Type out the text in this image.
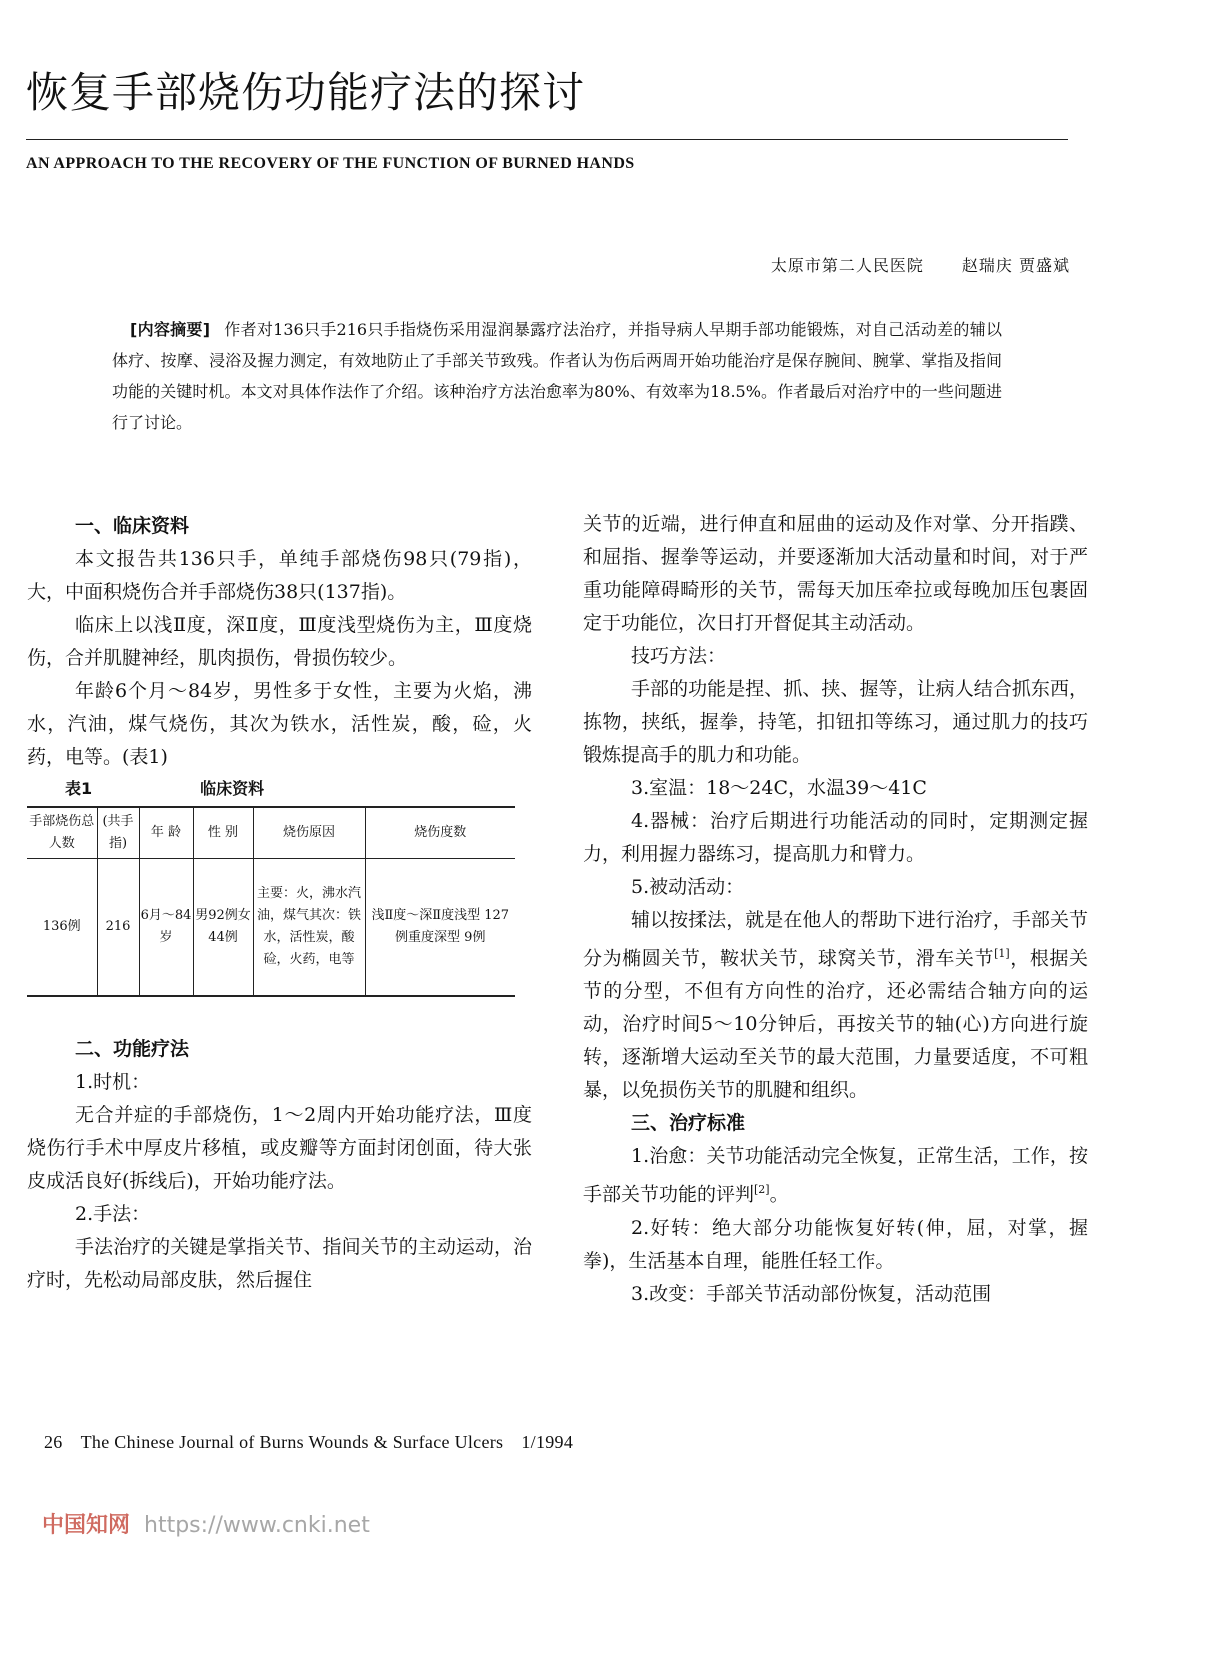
恢复手部烧伤功能疗法的探讨
AN APPROACH TO THE RECOVERY OF THE FUNCTION OF BURNED HANDS
太原市第二人民医院 赵瑞庆 贾盛斌
[内容摘要] 作者对136只手216只手指烧伤采用湿润暴露疗法治疗，并指导病人早期手部功能锻炼，对自己活动差的辅以体疗、按摩、浸浴及握力测定，有效地防止了手部关节致残。作者认为伤后两周开始功能治疗是保存腕间、腕掌、掌指及指间功能的关键时机。本文对具体作法作了介绍。该种治疗方法治愈率为80%、有效率为18.5%。作者最后对治疗中的一些问题进行了讨论。
一、临床资料

本文报告共136只手，单纯手部烧伤98只(79指)，大，中面积烧伤合并手部烧伤38只(137指)。

临床上以浅Ⅱ度，深Ⅱ度，Ⅲ度浅型烧伤为主，Ⅲ度烧伤，合并肌腱神经，肌肉损伤，骨损伤较少。

年龄6个月～84岁，男性多于女性，主要为火焰，沸水，汽油，煤气烧伤，其次为铁水，活性炭，酸，硷，火药，电等。(表1)

表1	临床资料
手部烧伤总人数	(共手指)	年 龄	性 别	烧伤原因	烧伤度数
136例	216	6月～84岁	男92例女44例	主要：火，沸水汽油，煤气其次：铁水，活性炭，酸硷，火药，电等	浅Ⅱ度～深Ⅱ度浅型 127例重度深型 9例
二、功能疗法

1.时机：

无合并症的手部烧伤，1～2周内开始功能疗法，Ⅲ度烧伤行手术中厚皮片移植，或皮瓣等方面封闭创面，待大张皮成活良好(拆线后)，开始功能疗法。

2.手法：

手法治疗的关键是掌指关节、指间关节的主动运动，治疗时，先松动局部皮肤，然后握住

关节的近端，进行伸直和屈曲的运动及作对掌、分开指蹼、和屈指、握拳等运动，并要逐渐加大活动量和时间，对于严重功能障碍畸形的关节，需每天加压牵拉或每晚加压包裹固定于功能位，次日打开督促其主动活动。

技巧方法：

手部的功能是捏、抓、挟、握等，让病人结合抓东西，拣物，挟纸，握拳，持笔，扣钮扣等练习，通过肌力的技巧锻炼提高手的肌力和功能。

3.室温：18～24C，水温39～41C

4.器械：治疗后期进行功能活动的同时，定期测定握力，利用握力器练习，提高肌力和臂力。

5.被动活动：

辅以按揉法，就是在他人的帮助下进行治疗，手部关节分为椭圆关节，鞍状关节，球窝关节，滑车关节[1]，根据关节的分型，不但有方向性的治疗，还必需结合轴方向的运动，治疗时间5～10分钟后，再按关节的轴(心)方向进行旋转，逐渐增大运动至关节的最大范围，力量要适度，不可粗暴，以免损伤关节的肌腱和组织。

三、治疗标准

1.治愈：关节功能活动完全恢复，正常生活，工作，按手部关节功能的评判[2]。

2.好转：绝大部分功能恢复好转(伸，屈，对掌，握拳)，生活基本自理，能胜任轻工作。

3.改变：手部关节活动部份恢复，活动范围

26 The Chinese Journal of Burns Wounds & Surface Ulcers 1/1994
中国知网 https://www.cnki.net
